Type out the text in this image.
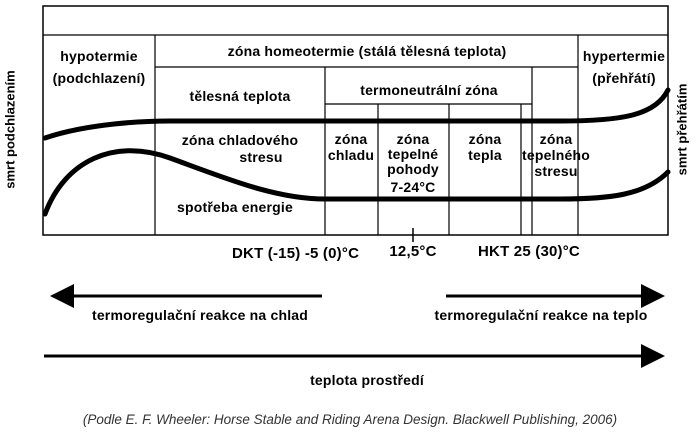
smrt podchlazením	smrt přehřátím
hypotermie
(podchlazení)
zóna homeotermie (stálá tělesná teplota)	hypertermie
(přehřátí)
termoneutrální zóna
tělesná teplota
spotřeba energie
zóna chladového
stresu
zóna
chladu
zóna
tepelné
pohody
7-24°C
zóna
tepla
zóna
tepelného
stresu
DKT (-15) -5 (0)°C 12,5°C	HKT 25 (30)°C
termoregulační reakce na chlad	termoregulační reakce na teplo
teplota prostředí
(Podle E. F. Wheeler: Horse Stable and Riding Arena Design. Blackwell Publishing, 2006)
